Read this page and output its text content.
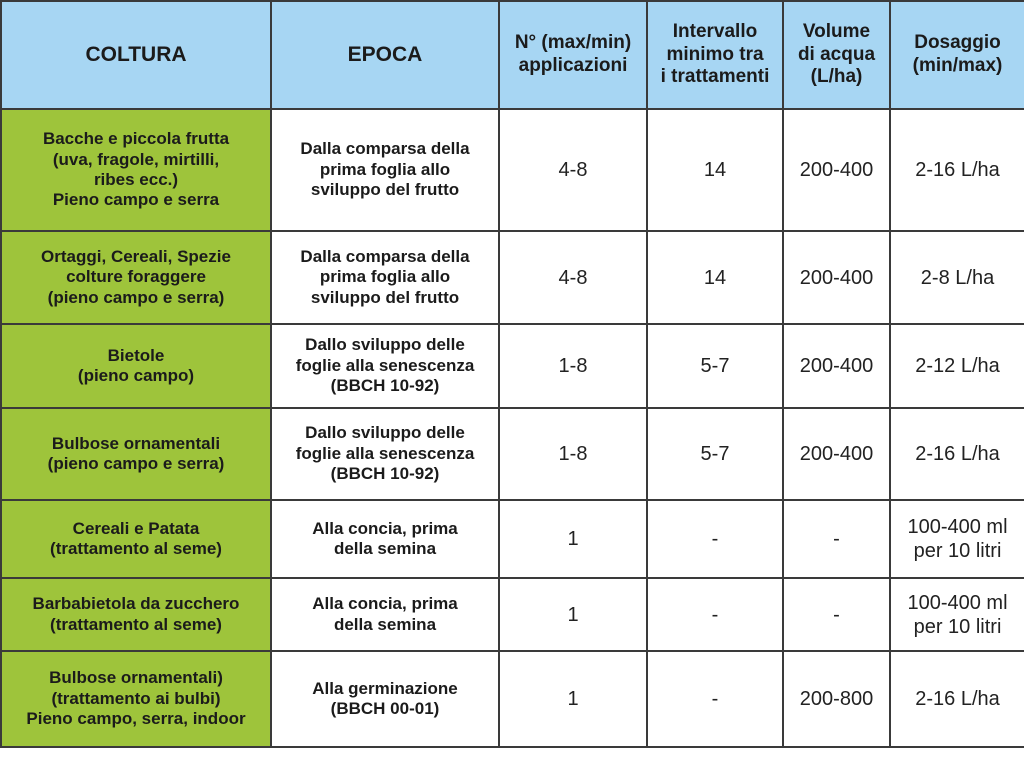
COLTURA	EPOCA	N° (max/min)
applicazioni	Intervallo
minimo tra
i trattamenti	Volume
di acqua
(L/ha)	Dosaggio
(min/max)
Bacche e piccola frutta
(uva, fragole, mirtilli,
ribes ecc.)
Pieno campo e serra	Dalla comparsa della
prima foglia allo
sviluppo del frutto	4-8	14	200-400	2-16 L/ha
Ortaggi, Cereali, Spezie
colture foraggere
(pieno campo e serra)	Dalla comparsa della
prima foglia allo
sviluppo del frutto	4-8	14	200-400	2-8 L/ha
Bietole
(pieno campo)	Dallo sviluppo delle
foglie alla senescenza
(BBCH 10-92)	1-8	5-7	200-400	2-12 L/ha
Bulbose ornamentali
(pieno campo e serra)	Dallo sviluppo delle
foglie alla senescenza
(BBCH 10-92)	1-8	5-7	200-400	2-16 L/ha
Cereali e Patata
(trattamento al seme)	Alla concia, prima
della semina	1	-	-	100-400 ml
per 10 litri
Barbabietola da zucchero
(trattamento al seme)	Alla concia, prima
della semina	1	-	-	100-400 ml
per 10 litri
Bulbose ornamentali)
(trattamento ai bulbi)
Pieno campo, serra, indoor	Alla germinazione
(BBCH 00-01)	1	-	200-800	2-16 L/ha
